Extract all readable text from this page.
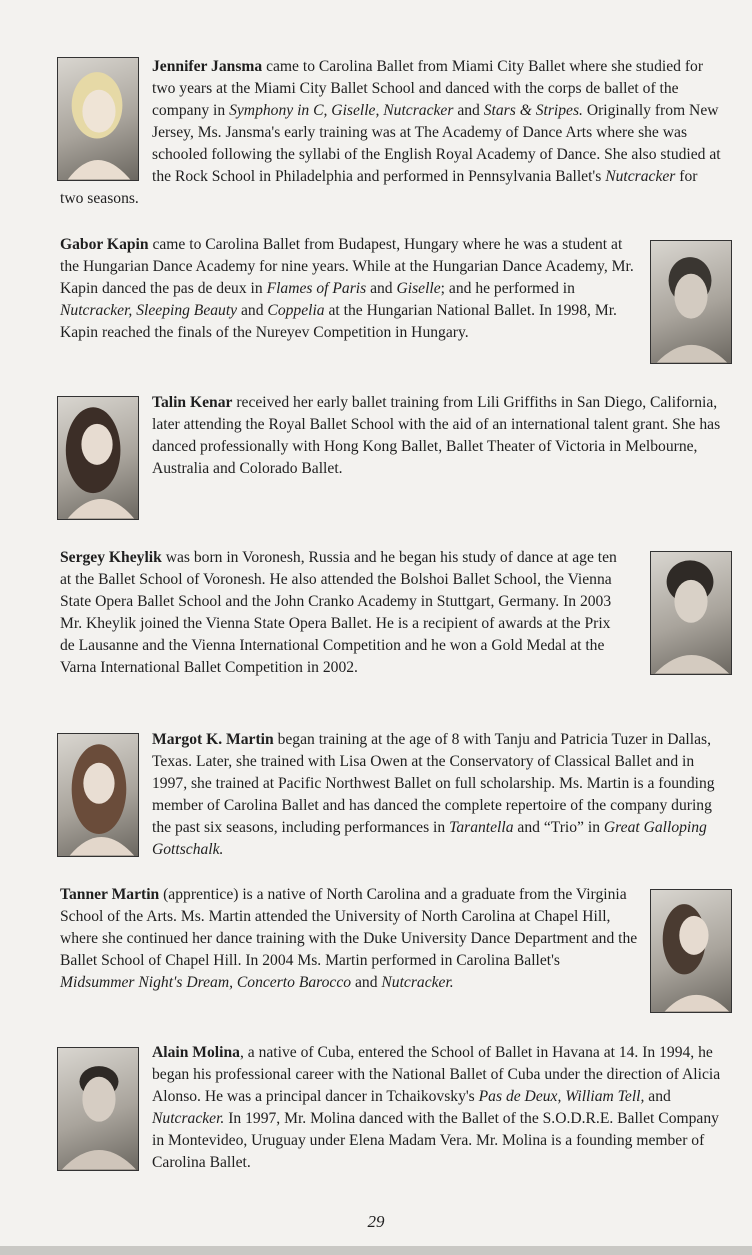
Jennifer Jansma came to Carolina Ballet from Miami City Ballet where she studied for two years at the Miami City Ballet School and danced with the corps de ballet of the company in Symphony in C, Giselle, Nutcracker and Stars & Stripes. Originally from New Jersey, Ms. Jansma's early training was at The Academy of Dance Arts where she was schooled following the syllabi of the English Royal Academy of Dance. She also studied at the Rock School in Philadelphia and performed in Pennsylvania Ballet's Nutcracker for two seasons.
Gabor Kapin came to Carolina Ballet from Budapest, Hungary where he was a student at the Hungarian Dance Academy for nine years. While at the Hungarian Dance Academy, Mr. Kapin danced the pas de deux in Flames of Paris and Giselle; and he performed in Nutcracker, Sleeping Beauty and Coppelia at the Hungarian National Ballet. In 1998, Mr. Kapin reached the finals of the Nureyev Competition in Hungary.
Talin Kenar received her early ballet training from Lili Griffiths in San Diego, California, later attending the Royal Ballet School with the aid of an international talent grant. She has danced professionally with Hong Kong Ballet, Ballet Theater of Victoria in Melbourne, Australia and Colorado Ballet.
Sergey Kheylik was born in Voronesh, Russia and he began his study of dance at age ten at the Ballet School of Voronesh. He also attended the Bolshoi Ballet School, the Vienna State Opera Ballet School and the John Cranko Academy in Stuttgart, Germany. In 2003 Mr. Kheylik joined the Vienna State Opera Ballet. He is a recipient of awards at the Prix de Lausanne and the Vienna International Competition and he won a Gold Medal at the Varna International Ballet Competition in 2002.
Margot K. Martin began training at the age of 8 with Tanju and Patricia Tuzer in Dallas, Texas. Later, she trained with Lisa Owen at the Conservatory of Classical Ballet and in 1997, she trained at Pacific Northwest Ballet on full scholarship. Ms. Martin is a founding member of Carolina Ballet and has danced the complete repertoire of the company during the past six seasons, including performances in Tarantella and “Trio” in Great Galloping Gottschalk.
Tanner Martin (apprentice) is a native of North Carolina and a graduate from the Virginia School of the Arts. Ms. Martin attended the University of North Carolina at Chapel Hill, where she continued her dance training with the Duke University Dance Department and the Ballet School of Chapel Hill. In 2004 Ms. Martin performed in Carolina Ballet's Midsummer Night's Dream, Concerto Barocco and Nutcracker.
Alain Molina, a native of Cuba, entered the School of Ballet in Havana at 14. In 1994, he began his professional career with the National Ballet of Cuba under the direction of Alicia Alonso. He was a principal dancer in Tchaikovsky's Pas de Deux, William Tell, and Nutcracker. In 1997, Mr. Molina danced with the Ballet of the S.O.D.R.E. Ballet Company in Montevideo, Uruguay under Elena Madam Vera. Mr. Molina is a founding member of Carolina Ballet.
29
